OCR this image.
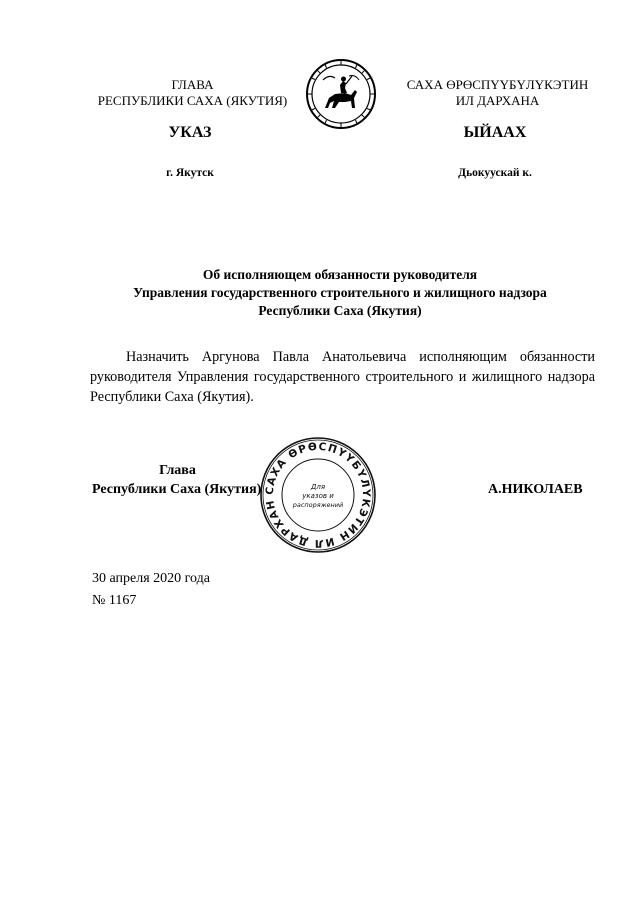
ГЛАВА
РЕСПУБЛИКИ САХА (ЯКУТИЯ)
САХА ӨРӨСПҮҮБҮЛҮКЭТИН
ИЛ ДАРХАНА
УКАЗ	ЫЙААХ
г. Якутск	Дьокуускай к.
Об исполняющем обязанности руководителя
Управления государственного строительного и жилищного надзора
Республики Саха (Якутия)
Назначить Аргунова Павла Анатольевича исполняющим обязанности руководителя Управления государственного строительного и жилищного надзора Республики Саха (Якутия).
Глава
Республики Саха (Якутия) САХА ӨРӨСПҮҮБҮЛҮКЭТИН ИЛ ДАРХАН
Для
указов и
распоряжений
А.НИКОЛАЕВ
30 апреля 2020 года
№ 1167
